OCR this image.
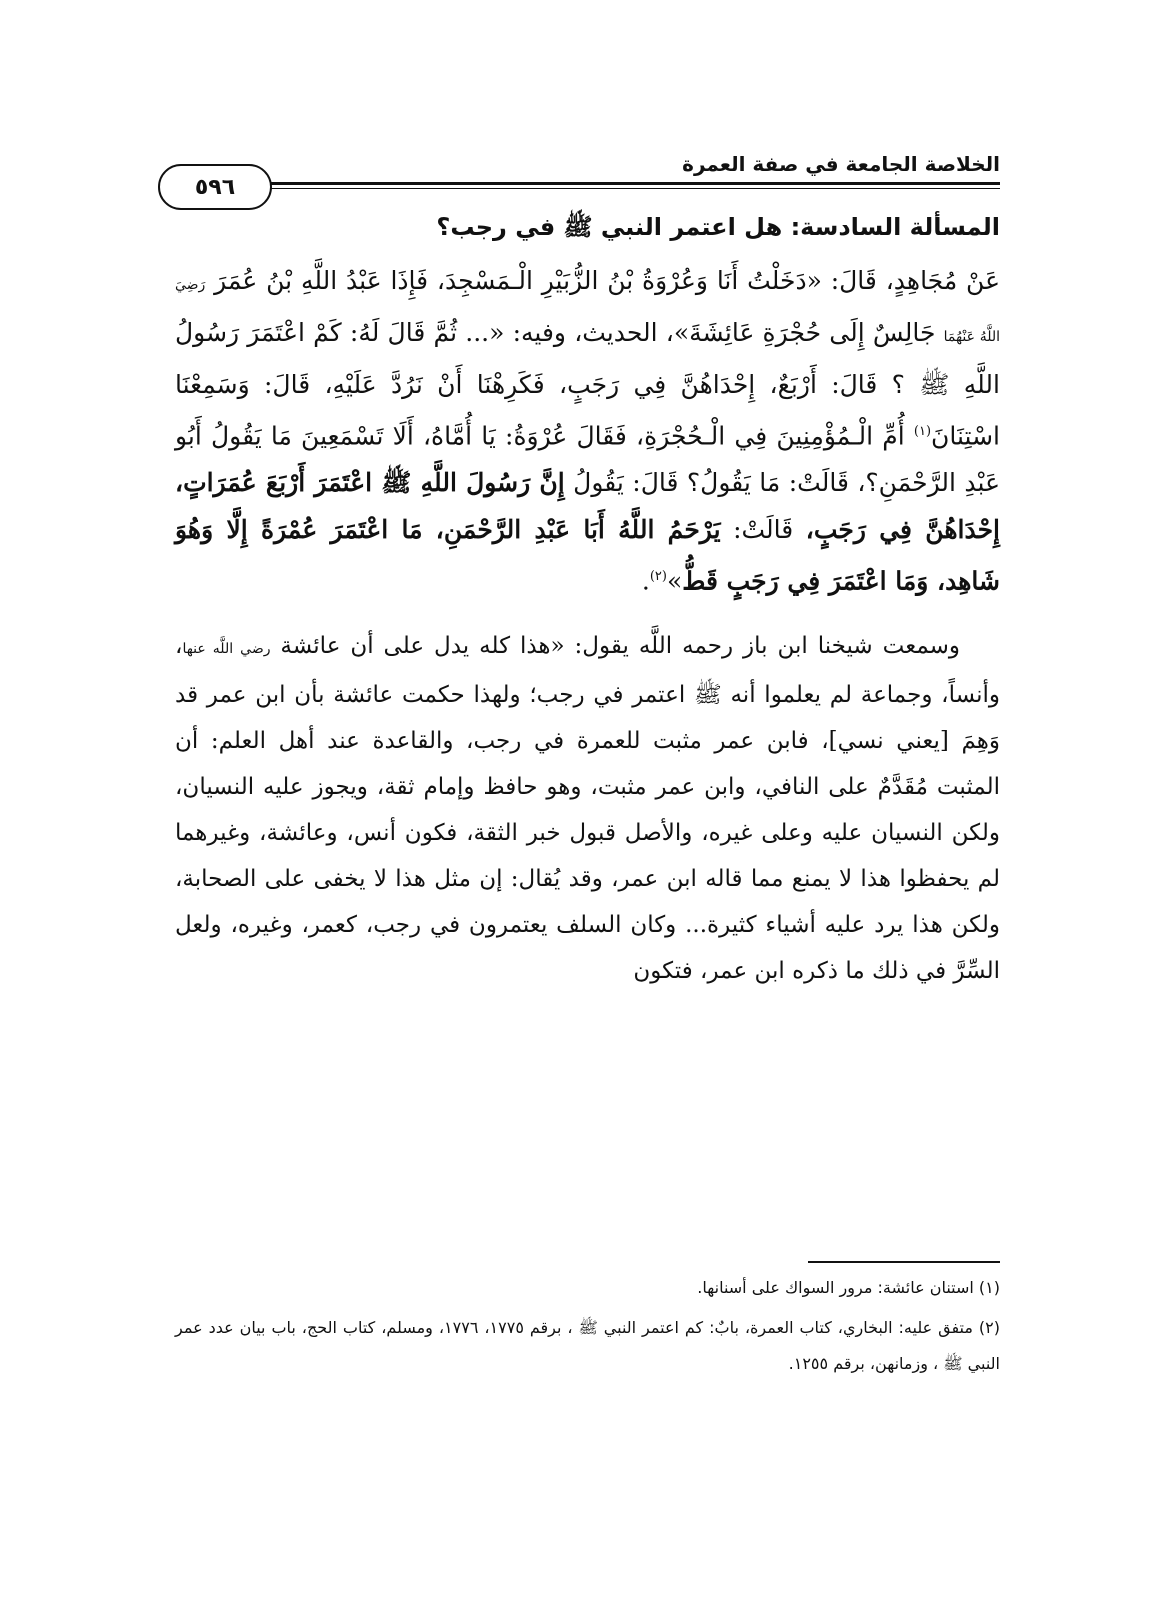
الخلاصة الجامعة في صفة العمرة
٥٩٦

المسألة السادسة: هل اعتمر النبي ﷺ في رجب؟

عَنْ مُجَاهِدٍ، قَالَ: «دَخَلْتُ أَنَا وَعُرْوَةُ بْنُ الزُّبَيْرِ الْـمَسْجِدَ، فَإِذَا عَبْدُ اللَّهِ بْنُ عُمَرَ رَضِيَ اللَّهُ عَنْهُمَا جَالِسٌ إِلَى حُجْرَةِ عَائِشَةَ»، الحديث، وفيه: «... ثُمَّ قَالَ لَهُ: كَمْ اعْتَمَرَ رَسُولُ اللَّهِ ﷺ ؟ قَالَ: أَرْبَعٌ، إِحْدَاهُنَّ فِي رَجَبٍ، فَكَرِهْنَا أَنْ نَرُدَّ عَلَيْهِ، قَالَ: وَسَمِعْنَا اسْتِنَانَ$^{(١)}$ أُمِّ الْـمُؤْمِنِينَ فِي الْـحُجْرَةِ، فَقَالَ عُرْوَةُ: يَا أُمَّاهُ، أَلَا تَسْمَعِينَ مَا يَقُولُ أَبُو عَبْدِ الرَّحْمَنِ؟، قَالَتْ: مَا يَقُولُ؟ قَالَ: يَقُولُ إِنَّ رَسُولَ اللَّهِ ﷺ اعْتَمَرَ أَرْبَعَ عُمَرَاتٍ، إِحْدَاهُنَّ فِي رَجَبٍ، قَالَتْ: يَرْحَمُ اللَّهُ أَبَا عَبْدِ الرَّحْمَنِ، مَا اعْتَمَرَ عُمْرَةً إِلَّا وَهُوَ شَاهِد، وَمَا اعْتَمَرَ فِي رَجَبٍ قَطُّ»$^{(٢)}$.

وسمعت شيخنا ابن باز رحمه اللَّه يقول: «هذا كله يدل على أن عائشة رضي اللَّه عنها، وأنساً، وجماعة لم يعلموا أنه ﷺ اعتمر في رجب؛ ولهذا حكمت عائشة بأن ابن عمر قد وَهِمَ [يعني نسي]، فابن عمر مثبت للعمرة في رجب، والقاعدة عند أهل العلم: أن المثبت مُقَدَّمٌ على النافي، وابن عمر مثبت، وهو حافظ وإمام ثقة، ويجوز عليه النسيان، ولكن النسيان عليه وعلى غيره، والأصل قبول خبر الثقة، فكون أنس، وعائشة، وغيرهما لم يحفظوا هذا لا يمنع مما قاله ابن عمر، وقد يُقال: إن مثل هذا لا يخفى على الصحابة، ولكن هذا يرد عليه أشياء كثيرة... وكان السلف يعتمرون في رجب، كعمر، وغيره، ولعل السِّرَّ في ذلك ما ذكره ابن عمر، فتكون

(١) استنان عائشة: مرور السواك على أسنانها.

(٢) متفق عليه: البخاري، كتاب العمرة، بابٌ: كم اعتمر النبي ﷺ ، برقم ١٧٧٥، ١٧٧٦، ومسلم، كتاب الحج، باب بيان عدد عمر النبي ﷺ ، وزمانهن، برقم ١٢٥٥.
